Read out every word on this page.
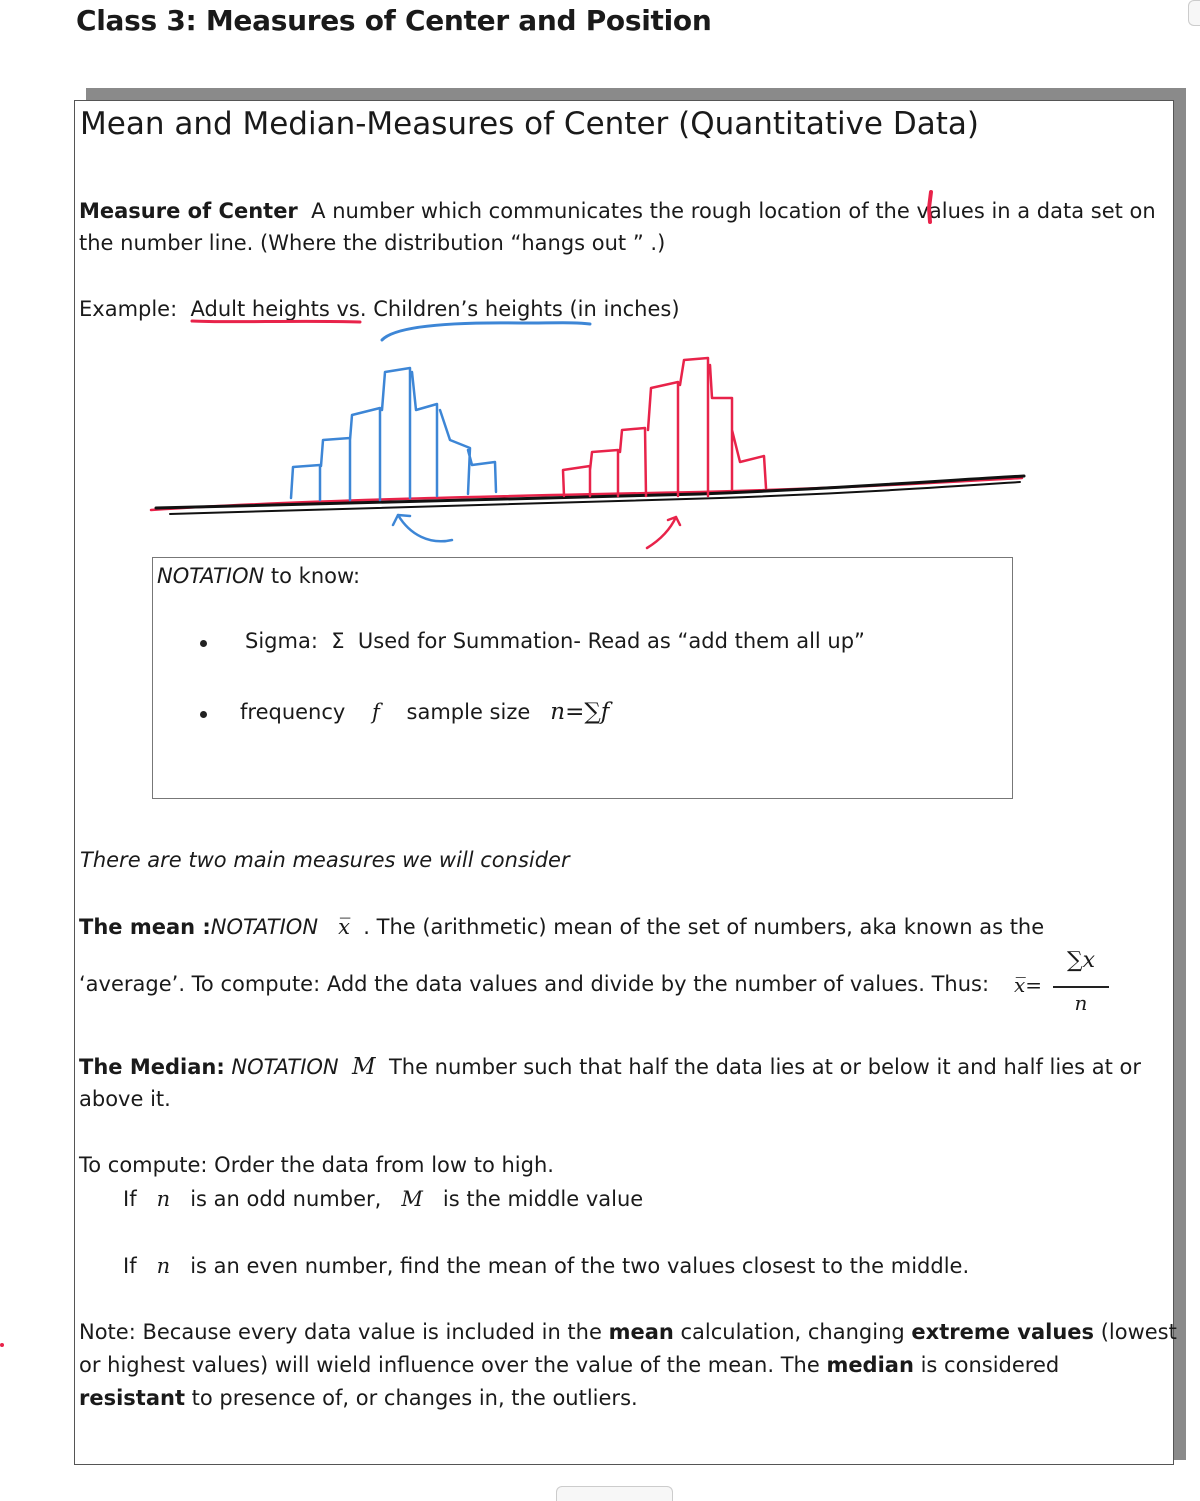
Class 3: Measures of Center and Position
Mean and Median-Measures of Center (Quantitative Data)
Measure of Center A number which communicates the rough location of the values in a data set on
the number line. (Where the distribution “hangs out ” .)
Example: Adult heights vs. Children’s heights (in inches)
NOTATION to know:
Sigma: Σ Used for Summation- Read as “add them all up”
frequency f sample size n=∑f
There are two main measures we will consider
The mean :NOTATION x̅ . The (arithmetic) mean of the set of numbers, aka known as the
‘average’. To compute: Add the data values and divide by the number of values. Thus: x̅=
∑x
n
The Median: NOTATION M The number such that half the data lies at or below it and half lies at or
above it.
To compute: Order the data from low to high.
If n is an odd number, M is the middle value
If n is an even number, find the mean of the two values closest to the middle.
Note: Because every data value is included in the mean calculation, changing extreme values (lowest
or highest values) will wield influence over the value of the mean. The median is considered
resistant to presence of, or changes in, the outliers.
